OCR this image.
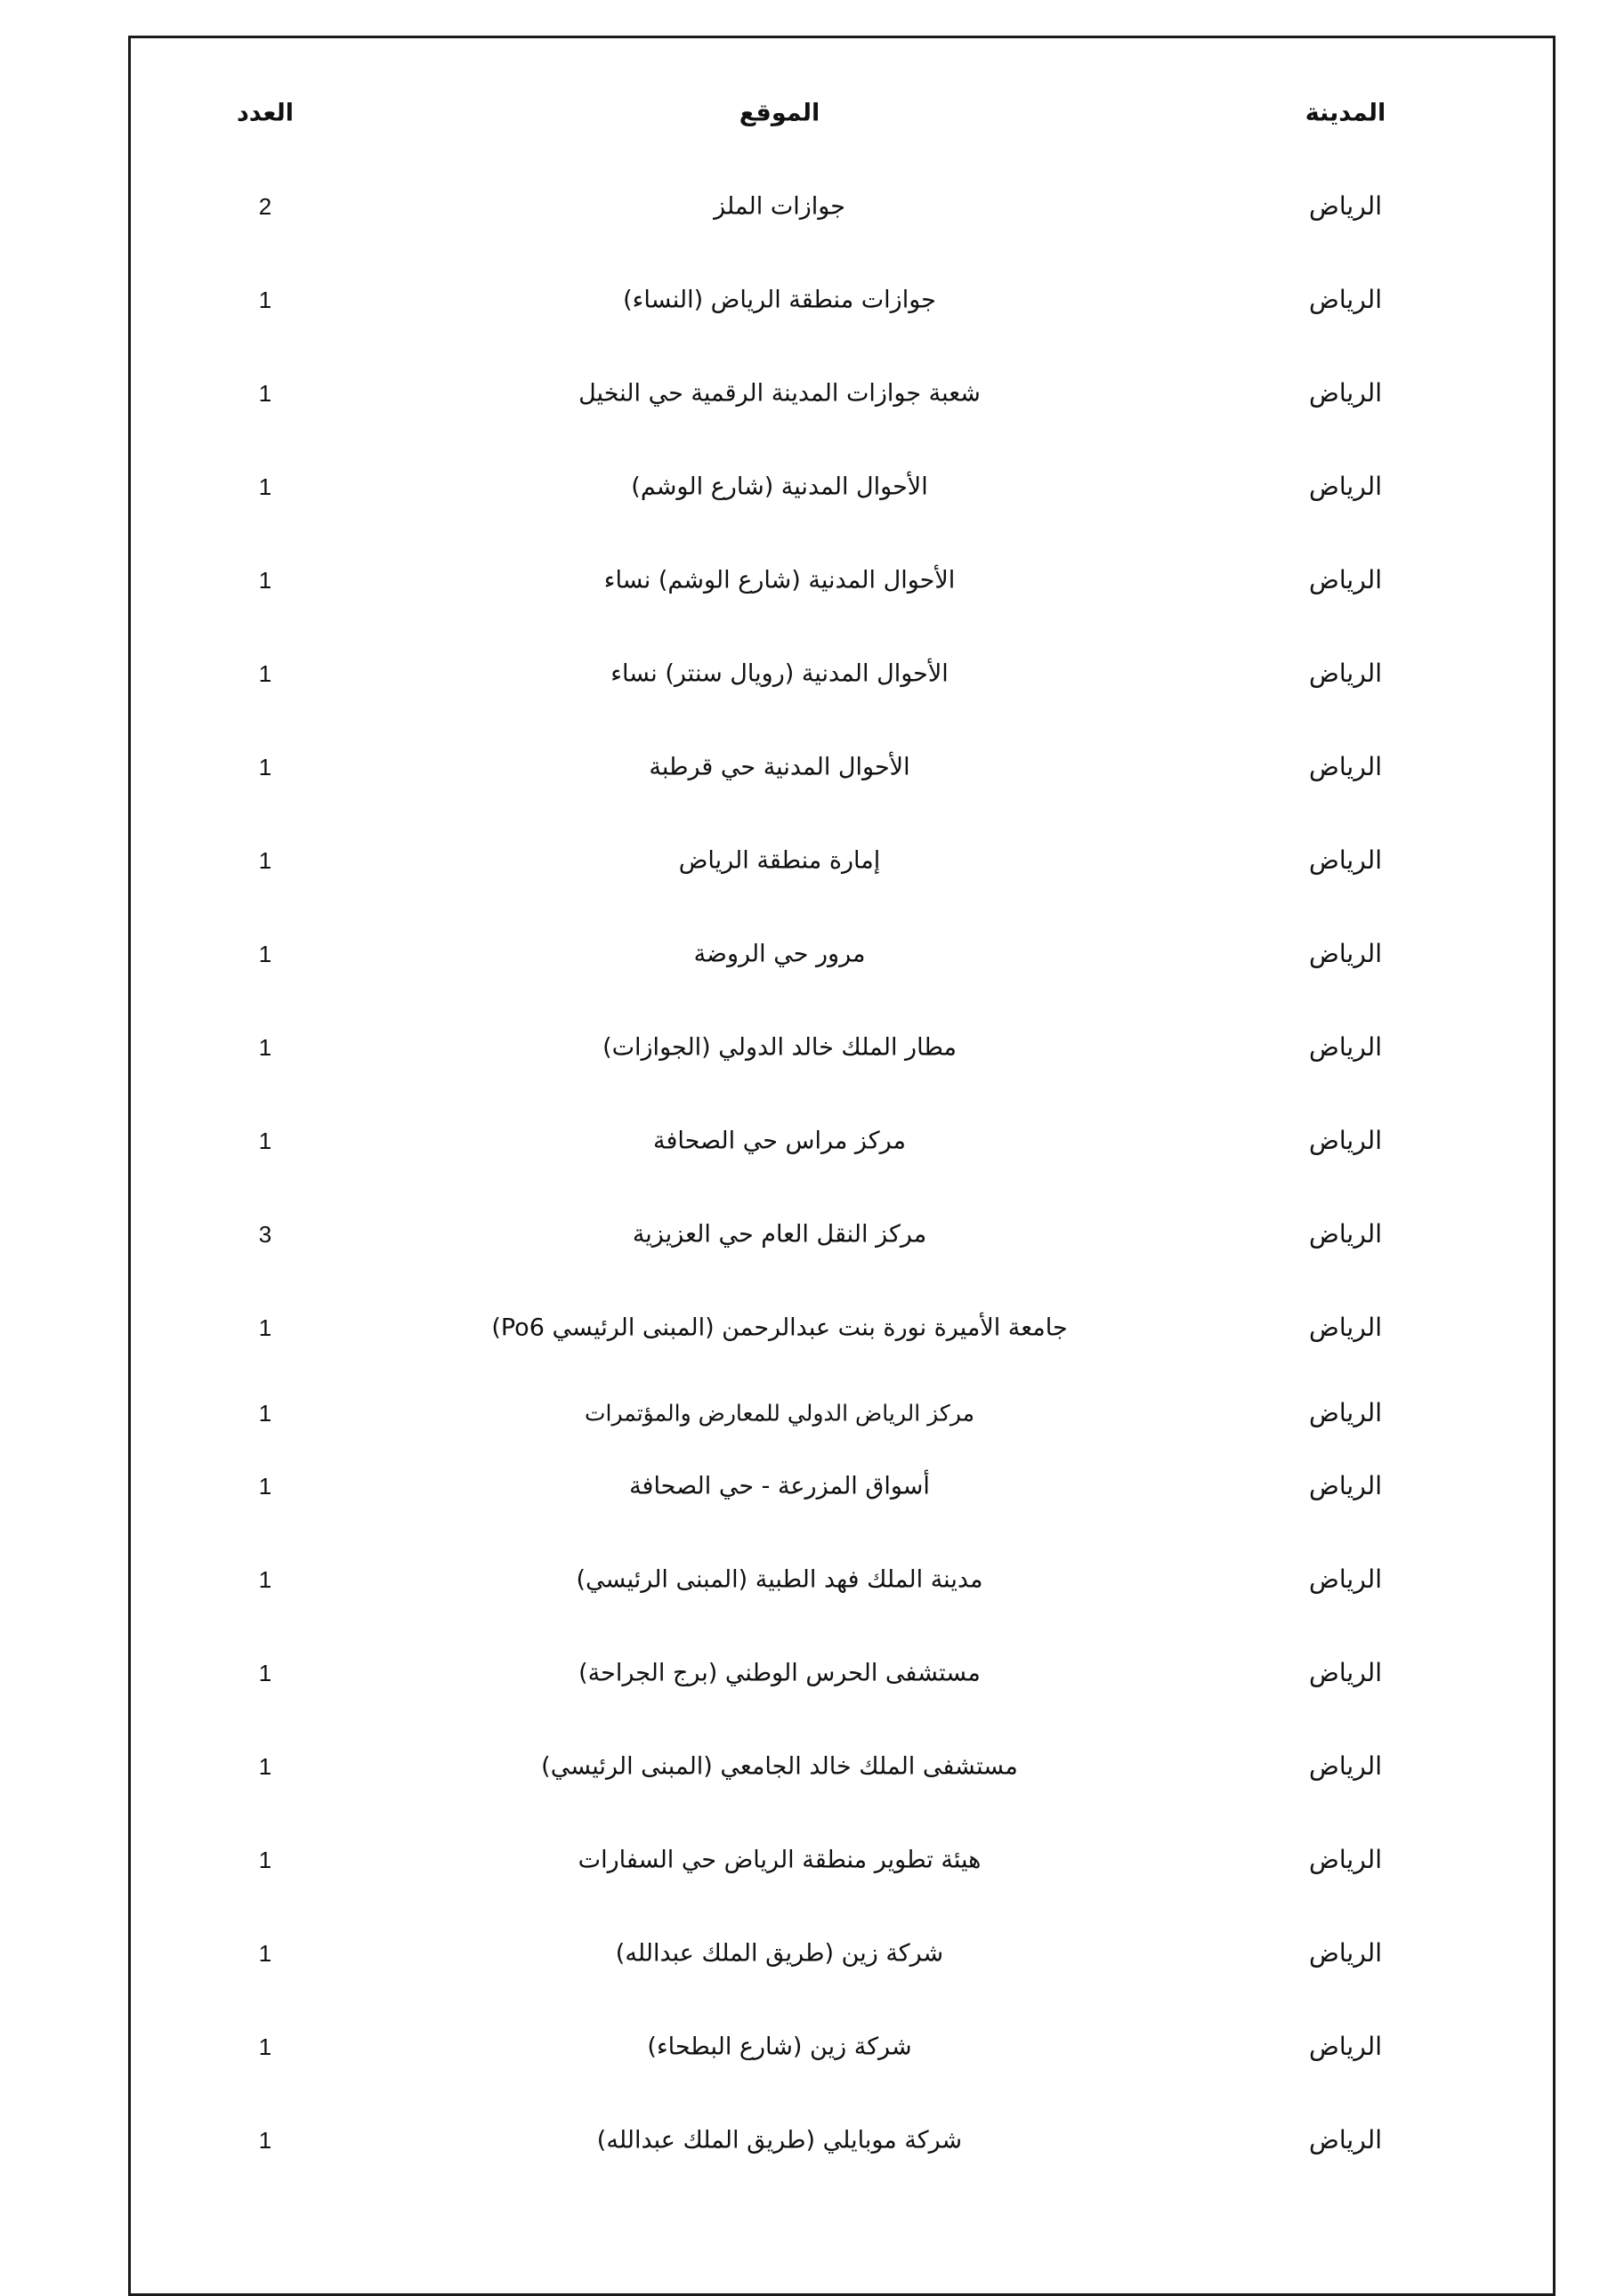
المدينة
الموقع
العدد
الرياض
جوازات الملز
2
الرياض
جوازات منطقة الرياض (النساء)
1
الرياض
شعبة جوازات المدينة الرقمية حي النخيل
1
الرياض
الأحوال المدنية (شارع الوشم)
1
الرياض
الأحوال المدنية (شارع الوشم) نساء
1
الرياض
الأحوال المدنية (رويال سنتر) نساء
1
الرياض
الأحوال المدنية حي قرطبة
1
الرياض
إمارة منطقة الرياض
1
الرياض
مرور حي الروضة
1
الرياض
مطار الملك خالد الدولي (الجوازات)
1
الرياض
مركز مراس حي الصحافة
1
الرياض
مركز النقل العام حي العزيزية
3
الرياض
جامعة الأميرة نورة بنت عبدالرحمن (المبنى الرئيسي Po6)
1
الرياض
مركز الرياض الدولي للمعارض والمؤتمرات
1
الرياض
أسواق المزرعة - حي الصحافة
1
الرياض
مدينة الملك فهد الطبية (المبنى الرئيسي)
1
الرياض
مستشفى الحرس الوطني (برج الجراحة)
1
الرياض
مستشفى الملك خالد الجامعي (المبنى الرئيسي)
1
الرياض
هيئة تطوير منطقة الرياض حي السفارات
1
الرياض
شركة زين (طريق الملك عبدالله)
1
الرياض
شركة زين (شارع البطحاء)
1
الرياض
شركة موبايلي (طريق الملك عبدالله)
1
